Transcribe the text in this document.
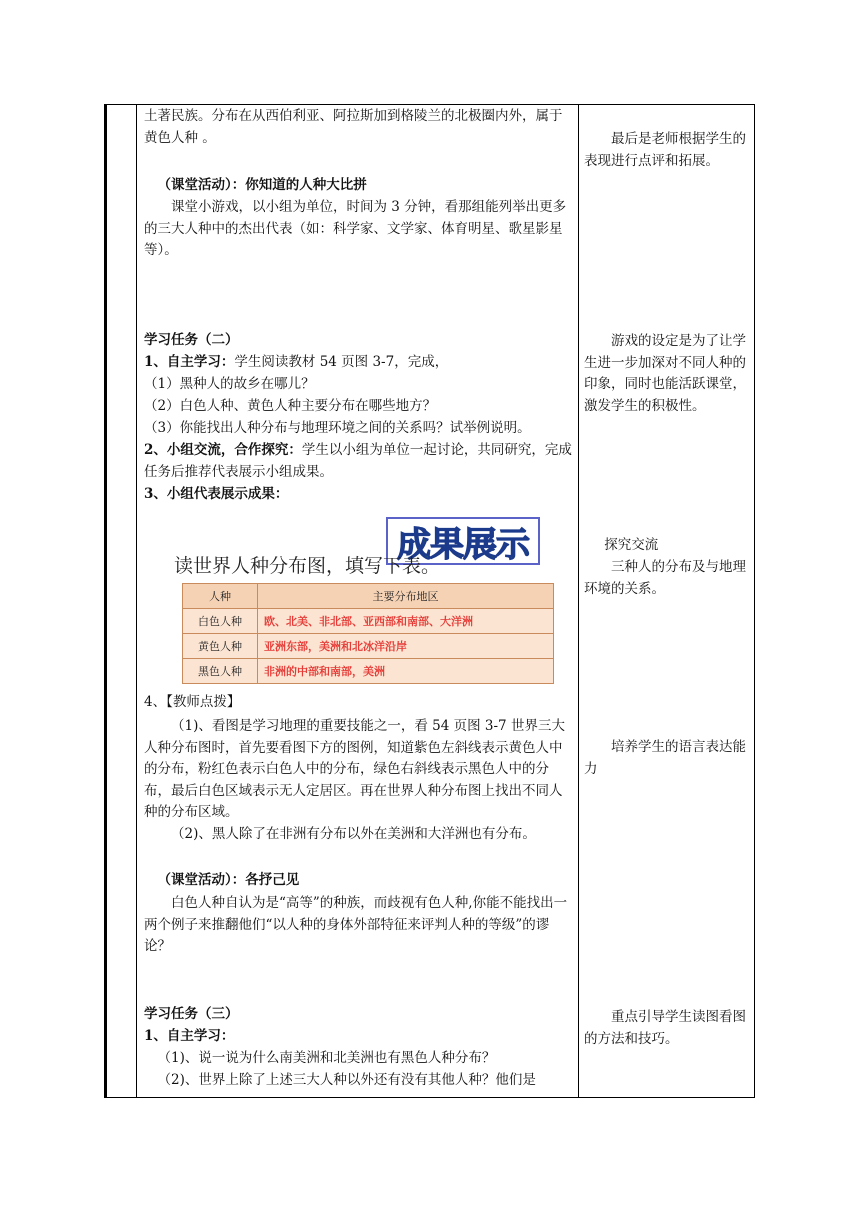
土著民族。分布在从西伯利亚、阿拉斯加到格陵兰的北极圈内外，属于黄色人种 。

（课堂活动）：你知道的人种大比拼

课堂小游戏，以小组为单位，时间为 3 分钟，看那组能列举出更多的三大人种中的杰出代表（如：科学家、文学家、体育明星、歌星影星等）。

学习任务（二）

1、自主学习：学生阅读教材 54 页图 3-7，完成，

（1）黑种人的故乡在哪儿？

（2）白色人种、黄色人种主要分布在哪些地方？

（3）你能找出人种分布与地理环境之间的关系吗？试举例说明。

2、小组交流，合作探究：学生以小组为单位一起讨论，共同研究，完成任务后推荐代表展示小组成果。

3、小组代表展示成果：

成果展示
读世界人种分布图，填写下表。
人种	主要分布地区
白色人种	欧、北美、非北部、亚西部和南部、大洋洲
黄色人种	亚洲东部，美洲和北冰洋沿岸
黑色人种	非洲的中部和南部，美洲

4、【教师点拨】

（1)、看图是学习地理的重要技能之一，看 54 页图 3-7 世界三大人种分布图时，首先要看图下方的图例，知道紫色左斜线表示黄色人中的分布，粉红色表示白色人中的分布，绿色右斜线表示黑色人中的分布，最后白色区域表示无人定居区。再在世界人种分布图上找出不同人种的分布区域。

（2)、黑人除了在非洲有分布以外在美洲和大洋洲也有分布。

（课堂活动）：各抒己见

白色人种自认为是“高等”的种族，而歧视有色人种,你能不能找出一两个例子来推翻他们“以人种的身体外部特征来评判人种的等级”的谬论？

学习任务（三）

1、自主学习：

（1)、说一说为什么南美洲和北美洲也有黑色人种分布？

（2)、世界上除了上述三大人种以外还有没有其他人种？他们是

最后是老师根据学生的表现进行点评和拓展。

游戏的设定是为了让学生进一步加深对不同人种的印象，同时也能活跃课堂，激发学生的积极性。

探究交流

三种人的分布及与地理环境的关系。

培养学生的语言表达能力

重点引导学生读图看图的方法和技巧。
